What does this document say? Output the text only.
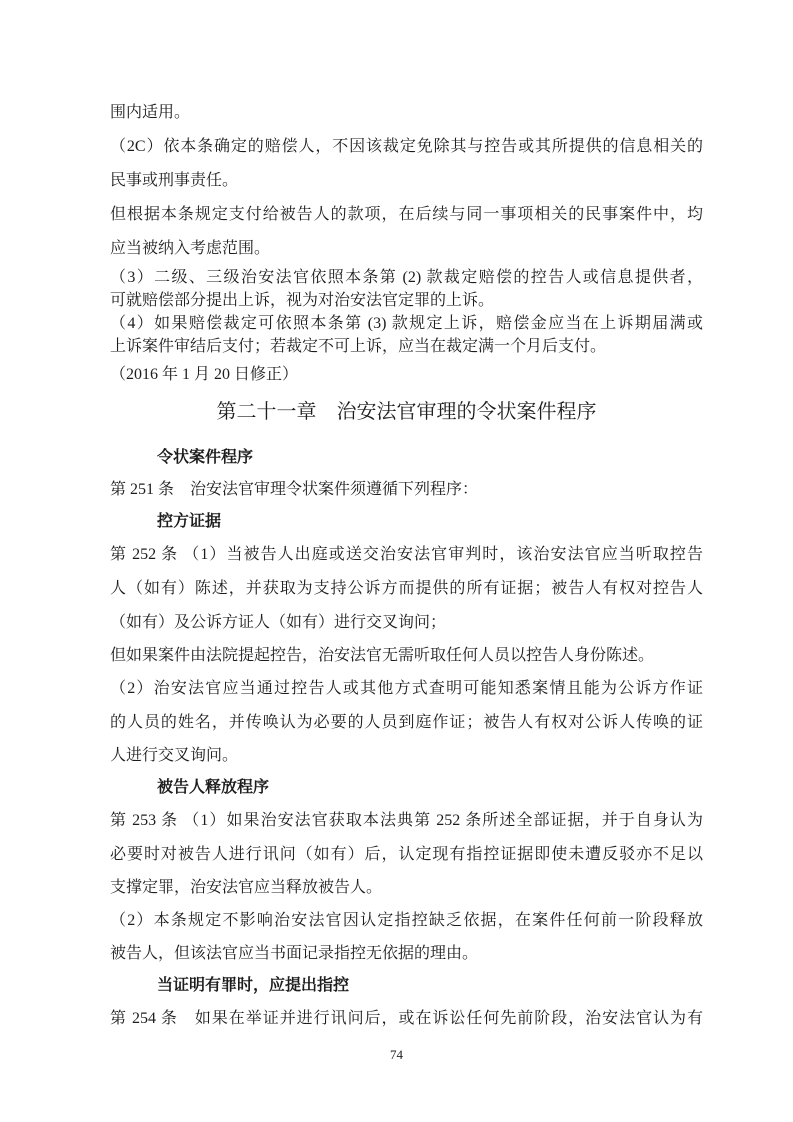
围内适用。
（2C）依本条确定的赔偿人，不因该裁定免除其与控告或其所提供的信息相关的
民事或刑事责任。
但根据本条规定支付给被告人的款项，在后续与同一事项相关的民事案件中，均
应当被纳入考虑范围。
（3）二级、三级治安法官依照本条第 (2) 款裁定赔偿的控告人或信息提供者，
可就赔偿部分提出上诉，视为对治安法官定罪的上诉。
（4）如果赔偿裁定可依照本条第 (3) 款规定上诉，赔偿金应当在上诉期届满或
上诉案件审结后支付；若裁定不可上诉，应当在裁定满一个月后支付。
（2016 年 1 月 20 日修正）
第二十一章　治安法官审理的令状案件程序
令状案件程序
第 251 条　治安法官审理令状案件须遵循下列程序：
控方证据
第 252 条 （1）当被告人出庭或送交治安法官审判时，该治安法官应当听取控告
人（如有）陈述，并获取为支持公诉方而提供的所有证据；被告人有权对控告人
（如有）及公诉方证人（如有）进行交叉询问；
但如果案件由法院提起控告，治安法官无需听取任何人员以控告人身份陈述。
（2）治安法官应当通过控告人或其他方式查明可能知悉案情且能为公诉方作证
的人员的姓名，并传唤认为必要的人员到庭作证；被告人有权对公诉人传唤的证
人进行交叉询问。
被告人释放程序
第 253 条 （1）如果治安法官获取本法典第 252 条所述全部证据，并于自身认为
必要时对被告人进行讯问（如有）后，认定现有指控证据即使未遭反驳亦不足以
支撑定罪，治安法官应当释放被告人。
（2）本条规定不影响治安法官因认定指控缺乏依据，在案件任何前一阶段释放
被告人，但该法官应当书面记录指控无依据的理由。
当证明有罪时，应提出指控
第 254 条　如果在举证并进行讯问后，或在诉讼任何先前阶段，治安法官认为有
74
